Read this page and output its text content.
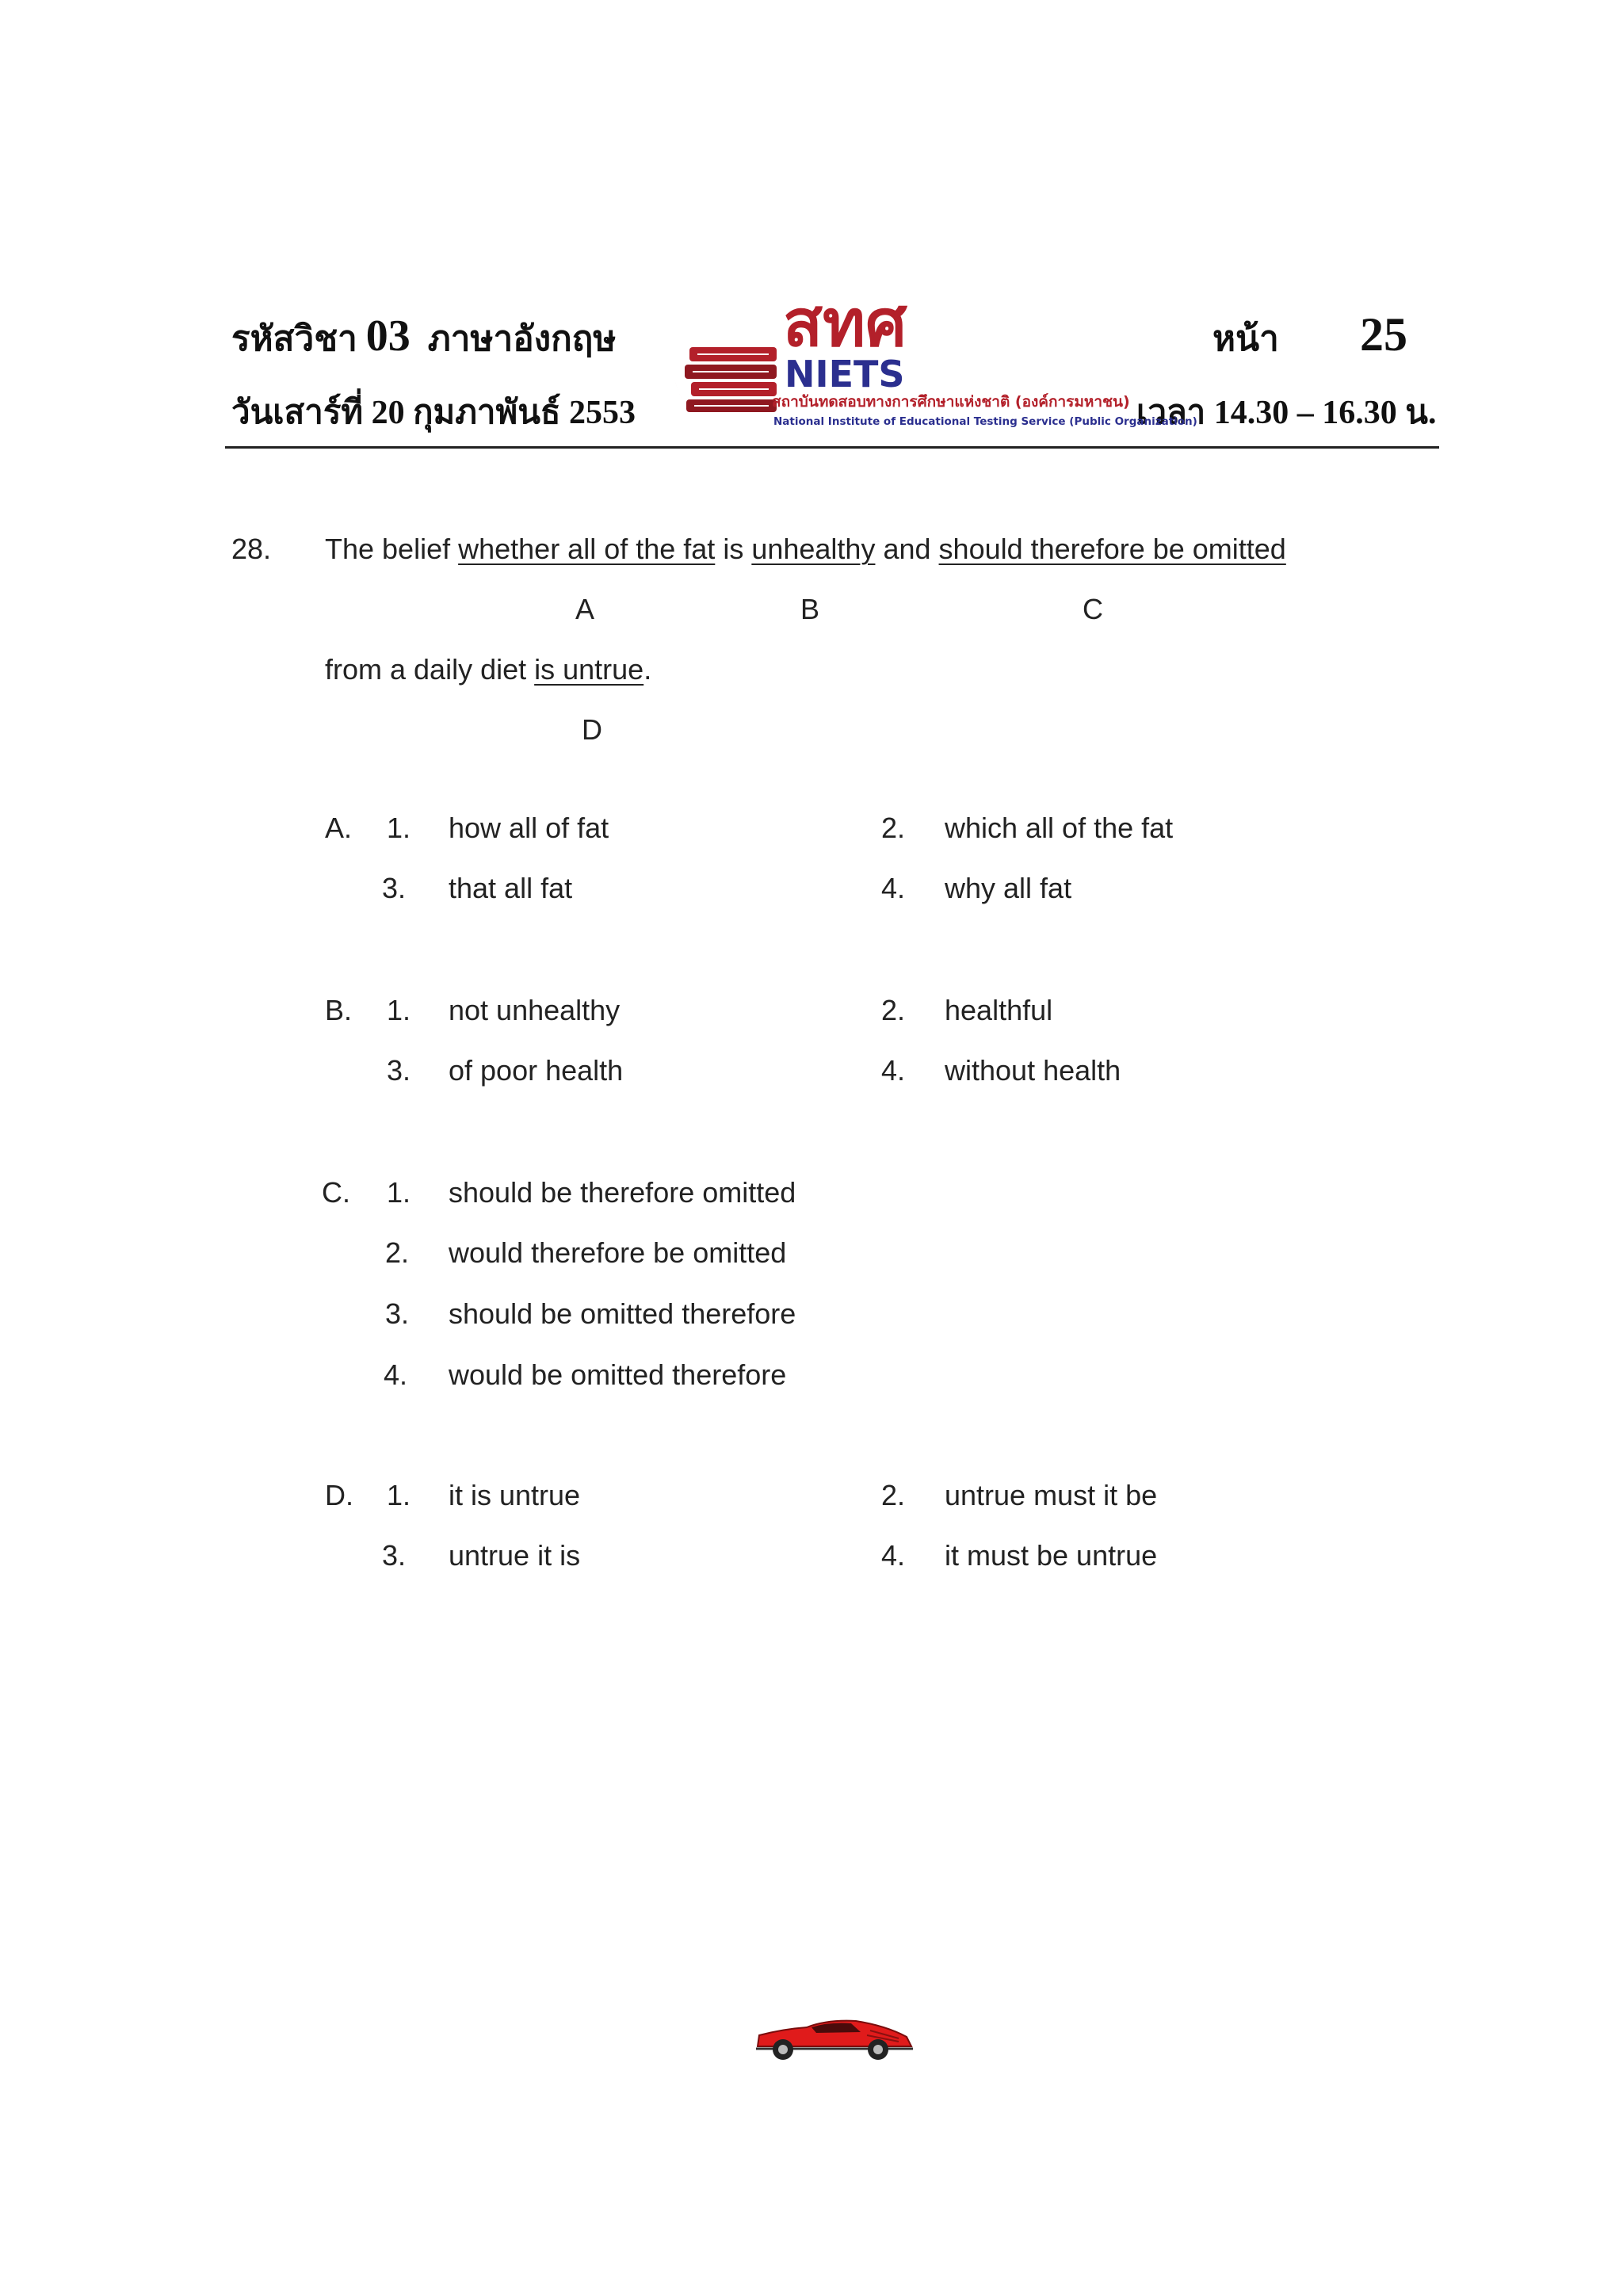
รหัสวิชา 03 ภาษาอังกฤษ	หน้า 25
วันเสาร์ที่ 20 กุมภาพันธ์ 2553	เวลา 14.30 – 16.30 น.
สทศ
NIETS
สถาบันทดสอบทางการศึกษาแห่งชาติ (องค์การมหาชน)
National Institute of Educational Testing Service (Public Organization)
28. The belief whether all of the fat is unhealthy and should therefore be omitted
A	B	C
from a daily diet is untrue.
D
A. 1. how all of fat	2. which all of the fat
3. that all fat	4. why all fat
B. 1. not unhealthy	2. healthful
3. of poor health	4. without health
C. 1. should be therefore omitted
2. would therefore be omitted
3. should be omitted therefore
4. would be omitted therefore
D. 1. it is untrue	2. untrue must it be
3. untrue it is	4. it must be untrue
